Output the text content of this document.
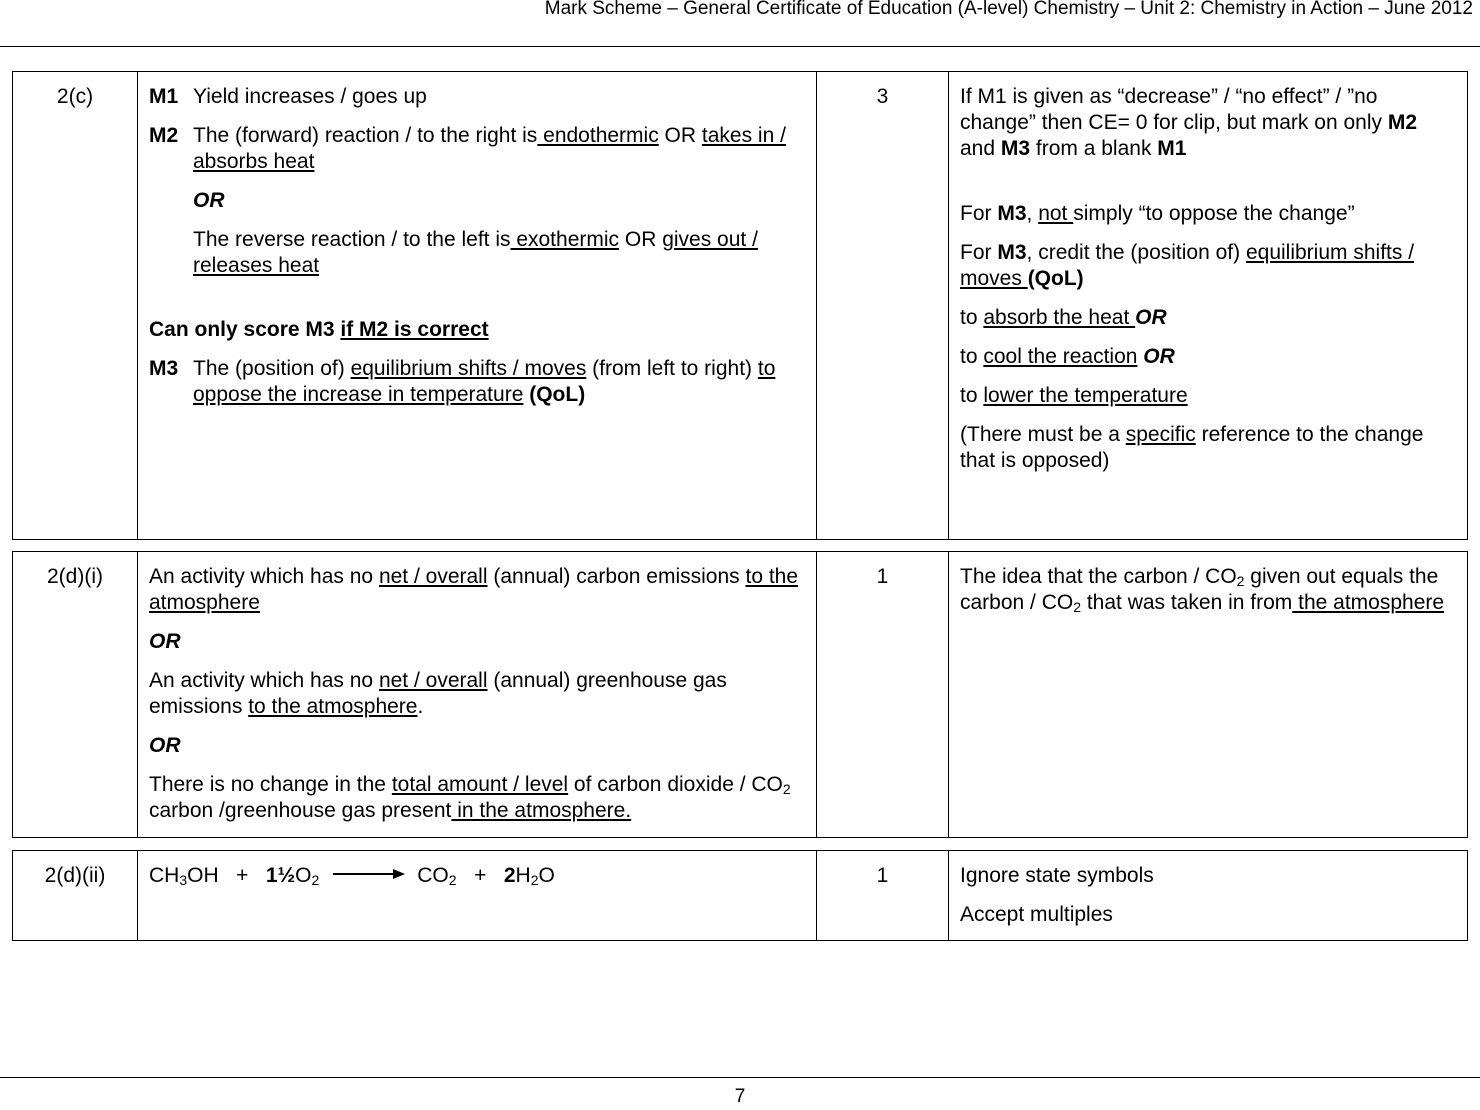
Mark Scheme – General Certificate of Education (A-level) Chemistry – Unit 2: Chemistry in Action – June 2012
2(c)	M1 Yield increases / goes up
M2 The (forward) reaction / to the right is endothermic OR takes in / absorbs heat

OR

The reverse reaction / to the left is exothermic OR gives out / releases heat

Can only score M3 if M2 is correct

M3 The (position of) equilibrium shifts / moves (from left to right) to oppose the increase in temperature (QoL)
	3	If M1 is given as “decrease” / “no effect” / ”no change” then CE= 0 for clip, but mark on only M2 and M3 from a blank M1

For M3, not simply “to oppose the change”

For M3, credit the (position of) equilibrium shifts / moves (QoL)

to absorb the heat OR

to cool the reaction OR

to lower the temperature

(There must be a specific reference to the change that is opposed)

2(d)(i)	An activity which has no net / overall (annual) carbon emissions to the atmosphere

OR

An activity which has no net / overall (annual) greenhouse gas emissions to the atmosphere.

OR

There is no change in the total amount / level of carbon dioxide / $CO_2$ carbon /greenhouse gas present in the atmosphere.

	1	The idea that the carbon / $CO_2$ given out equals the carbon / $CO_2$ that was taken in from the atmosphere

2(d)(ii)	$CH_3OH$   +   $1\frac{1}{2}O_2 \to CO_2 + 2H_2O$	1	Ignore state symbols

Accept multiples

7
